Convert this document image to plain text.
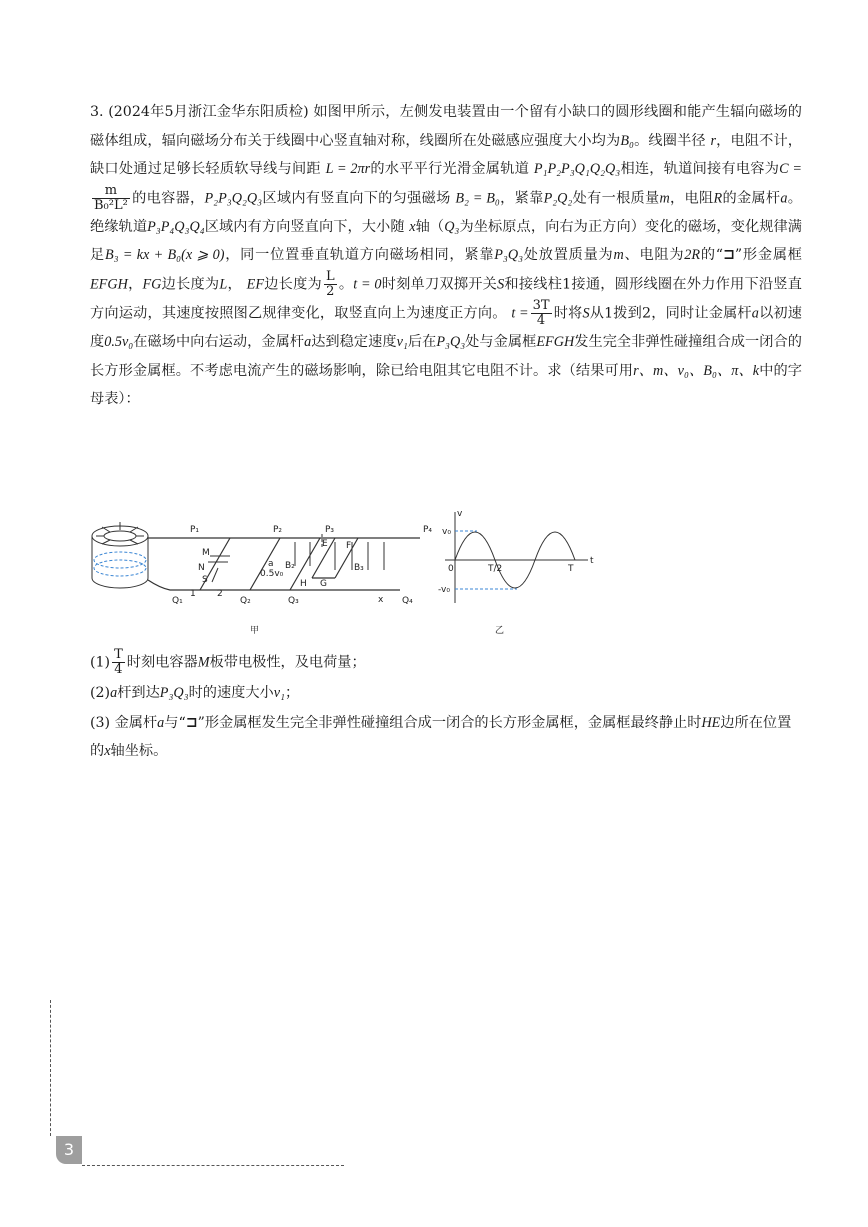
3. (2024年5月浙江金华东阳质检) 如图甲所示，左侧发电装置由一个留有小缺口的圆形线圈和能产生辐向磁场的磁体组成，辐向磁场分布关于线圈中心竖直轴对称，线圈所在处磁感应强度大小均为B₀。线圈半径 r，电阻不计，缺口处通过足够长轻质软导线与间距 L = 2πr的水平平行光滑金属轨道 P₁P₂P₃Q₁Q₂Q₃相连，轨道间接有电容为C =
$\frac{m}{\text{B₀²L²}}$ 的电容器，P₂P₃Q₂Q₃区域内有竖直向下的匀强磁场 B₂ = B₀，紧靠P₂Q₂处有一根质量m，电阻R的金属杆a。绝缘轨道P₃P₄Q₃Q₄区域内有方向竖直向下，大小随 x轴（Q₃为坐标原点，向右为正方向）变化的磁场，变化规律满足B₃ = kx + B₀(x ⩾ 0)，同一位置垂直轨道方向磁场相同，紧靠P₃Q₃处放置质量为m、电阻为2R的“⊐”形金属框EFGH，FG边长度为L， EF边长度为 $\frac{L}{2}$ 。t = 0时刻单刀双掷开关S和接线柱1接通，圆形线圈在外力作用下沿竖直方向运动，其速度按照图乙规律变化，取竖直向上为速度正方向。 $t = \frac{3T}{4}$ 时将S从1拨到2，同时让金属杆a以初速度0.5v₀在磁场中向右运动，金属杆a达到稳定速度v₁后在P₃Q₃处与金属框EFGH发生完全非弹性碰撞组合成一闭合的长方形金属框。不考虑电流产生的磁场影响，除已给电阻其它电阻不计。求（结果可用r、m、v₀、B₀、π、k中的字母表）：

P₁	P₂	P₃	P₄
Q₁	Q₂	Q₃	Q₄
M
N
S
1 2
a
0.5v₀
B₂	B₃
E F
G
H
x
甲	乙
v
v₀
-v₀
0	T/2	T
t

$(1) \frac{T}{4}$ 时刻电容器M板带电极性，及电荷量；

(2)a杆到达P₃Q₃时的速度大小v₁；

(3) 金属杆a与“⊐”形金属框发生完全非弹性碰撞组合成一闭合的长方形金属框，金属框最终静止时HE边所在位置的x轴坐标。

3
